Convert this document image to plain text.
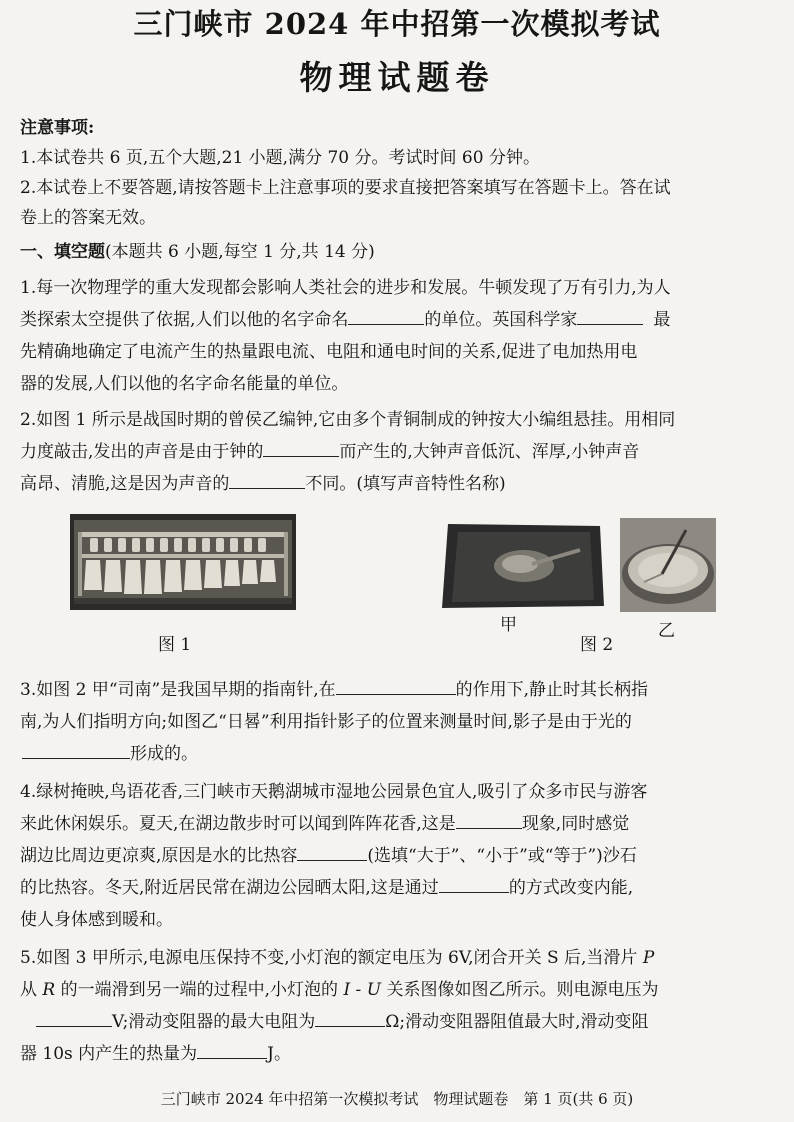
三门峡市 2024 年中招第一次模拟考试
物理试题卷
注意事项:
1.本试卷共 6 页,五个大题,21 小题,满分 70 分。考试时间 60 分钟。
2.本试卷上不要答题,请按答题卡上注意事项的要求直接把答案填写在答题卡上。答在试
卷上的答案无效。
一、填空题(本题共 6 小题,每空 1 分,共 14 分)
1.每一次物理学的重大发现都会影响人类社会的进步和发展。牛顿发现了万有引力,为人
类探索太空提供了依据,人们以他的名字命名	的单位。英国科学家	最
先精确地确定了电流产生的热量跟电流、电阻和通电时间的关系,促进了电加热用电
器的发展,人们以他的名字命名能量的单位。
2.如图 1 所示是战国时期的曾侯乙编钟,它由多个青铜制成的钟按大小编组悬挂。用相同
力度敲击,发出的声音是由于钟的	而产生的,大钟声音低沉、浑厚,小钟声音
高昂、清脆,这是因为声音的	不同。(填写声音特性名称)
图 1
甲	乙
图 2
3.如图 2 甲“司南”是我国早期的指南针,在	的作用下,静止时其长柄指
南,为人们指明方向;如图乙“日晷”利用指针影子的位置来测量时间,影子是由于光的
形成的。
4.绿树掩映,鸟语花香,三门峡市天鹅湖城市湿地公园景色宜人,吸引了众多市民与游客
来此休闲娱乐。夏天,在湖边散步时可以闻到阵阵花香,这是	现象,同时感觉
湖边比周边更凉爽,原因是水的比热容	(选填“大于”、“小于”或“等于”)沙石
的比热容。冬天,附近居民常在湖边公园晒太阳,这是通过	的方式改变内能,
使人身体感到暖和。
5.如图 3 甲所示,电源电压保持不变,小灯泡的额定电压为 6V,闭合开关 S 后,当滑片 P
从 R 的一端滑到另一端的过程中,小灯泡的 I - U 关系图像如图乙所示。则电源电压为
V;滑动变阻器的最大电阻为	Ω;滑动变阻器阻值最大时,滑动变阻
器 10s 内产生的热量为	J。
三门峡市 2024 年中招第一次模拟考试　物理试题卷　第 1 页(共 6 页)
